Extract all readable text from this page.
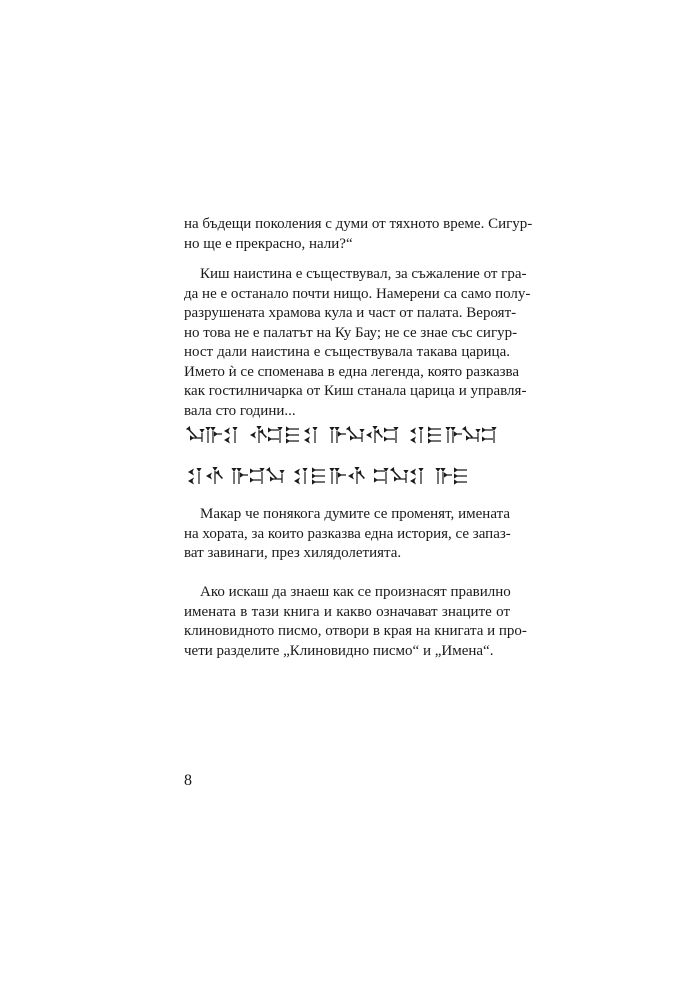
на бъдещи поколения с думи от тяхното време. Сигур-
но ще е прекрасно, нали?“
Киш наистина е съществувал, за съжаление от гра-
да не е останало почти нищо. Намерени са само полу-
разрушената храмова кула и част от палата. Вероят-
но това не е палатът на Ку Бау; не се знае със сигур-
ност дали наистина е съществувала такава царица.
Името ѝ се споменава в една легенда, която разказва
как гостилничарка от Киш станала царица и управля-
вала сто години...
Макар че понякога думите се променят, имената
на хората, за които разказва една история, се запаз-
ват завинаги, през хилядолетията.
Ако искаш да знаеш как се произнасят правилно
имената в тази книга и какво означават знаците от
клиновидното писмо, отвори в края на книгата и про-
чети разделите „Клиновидно писмо“ и „Имена“.
8
